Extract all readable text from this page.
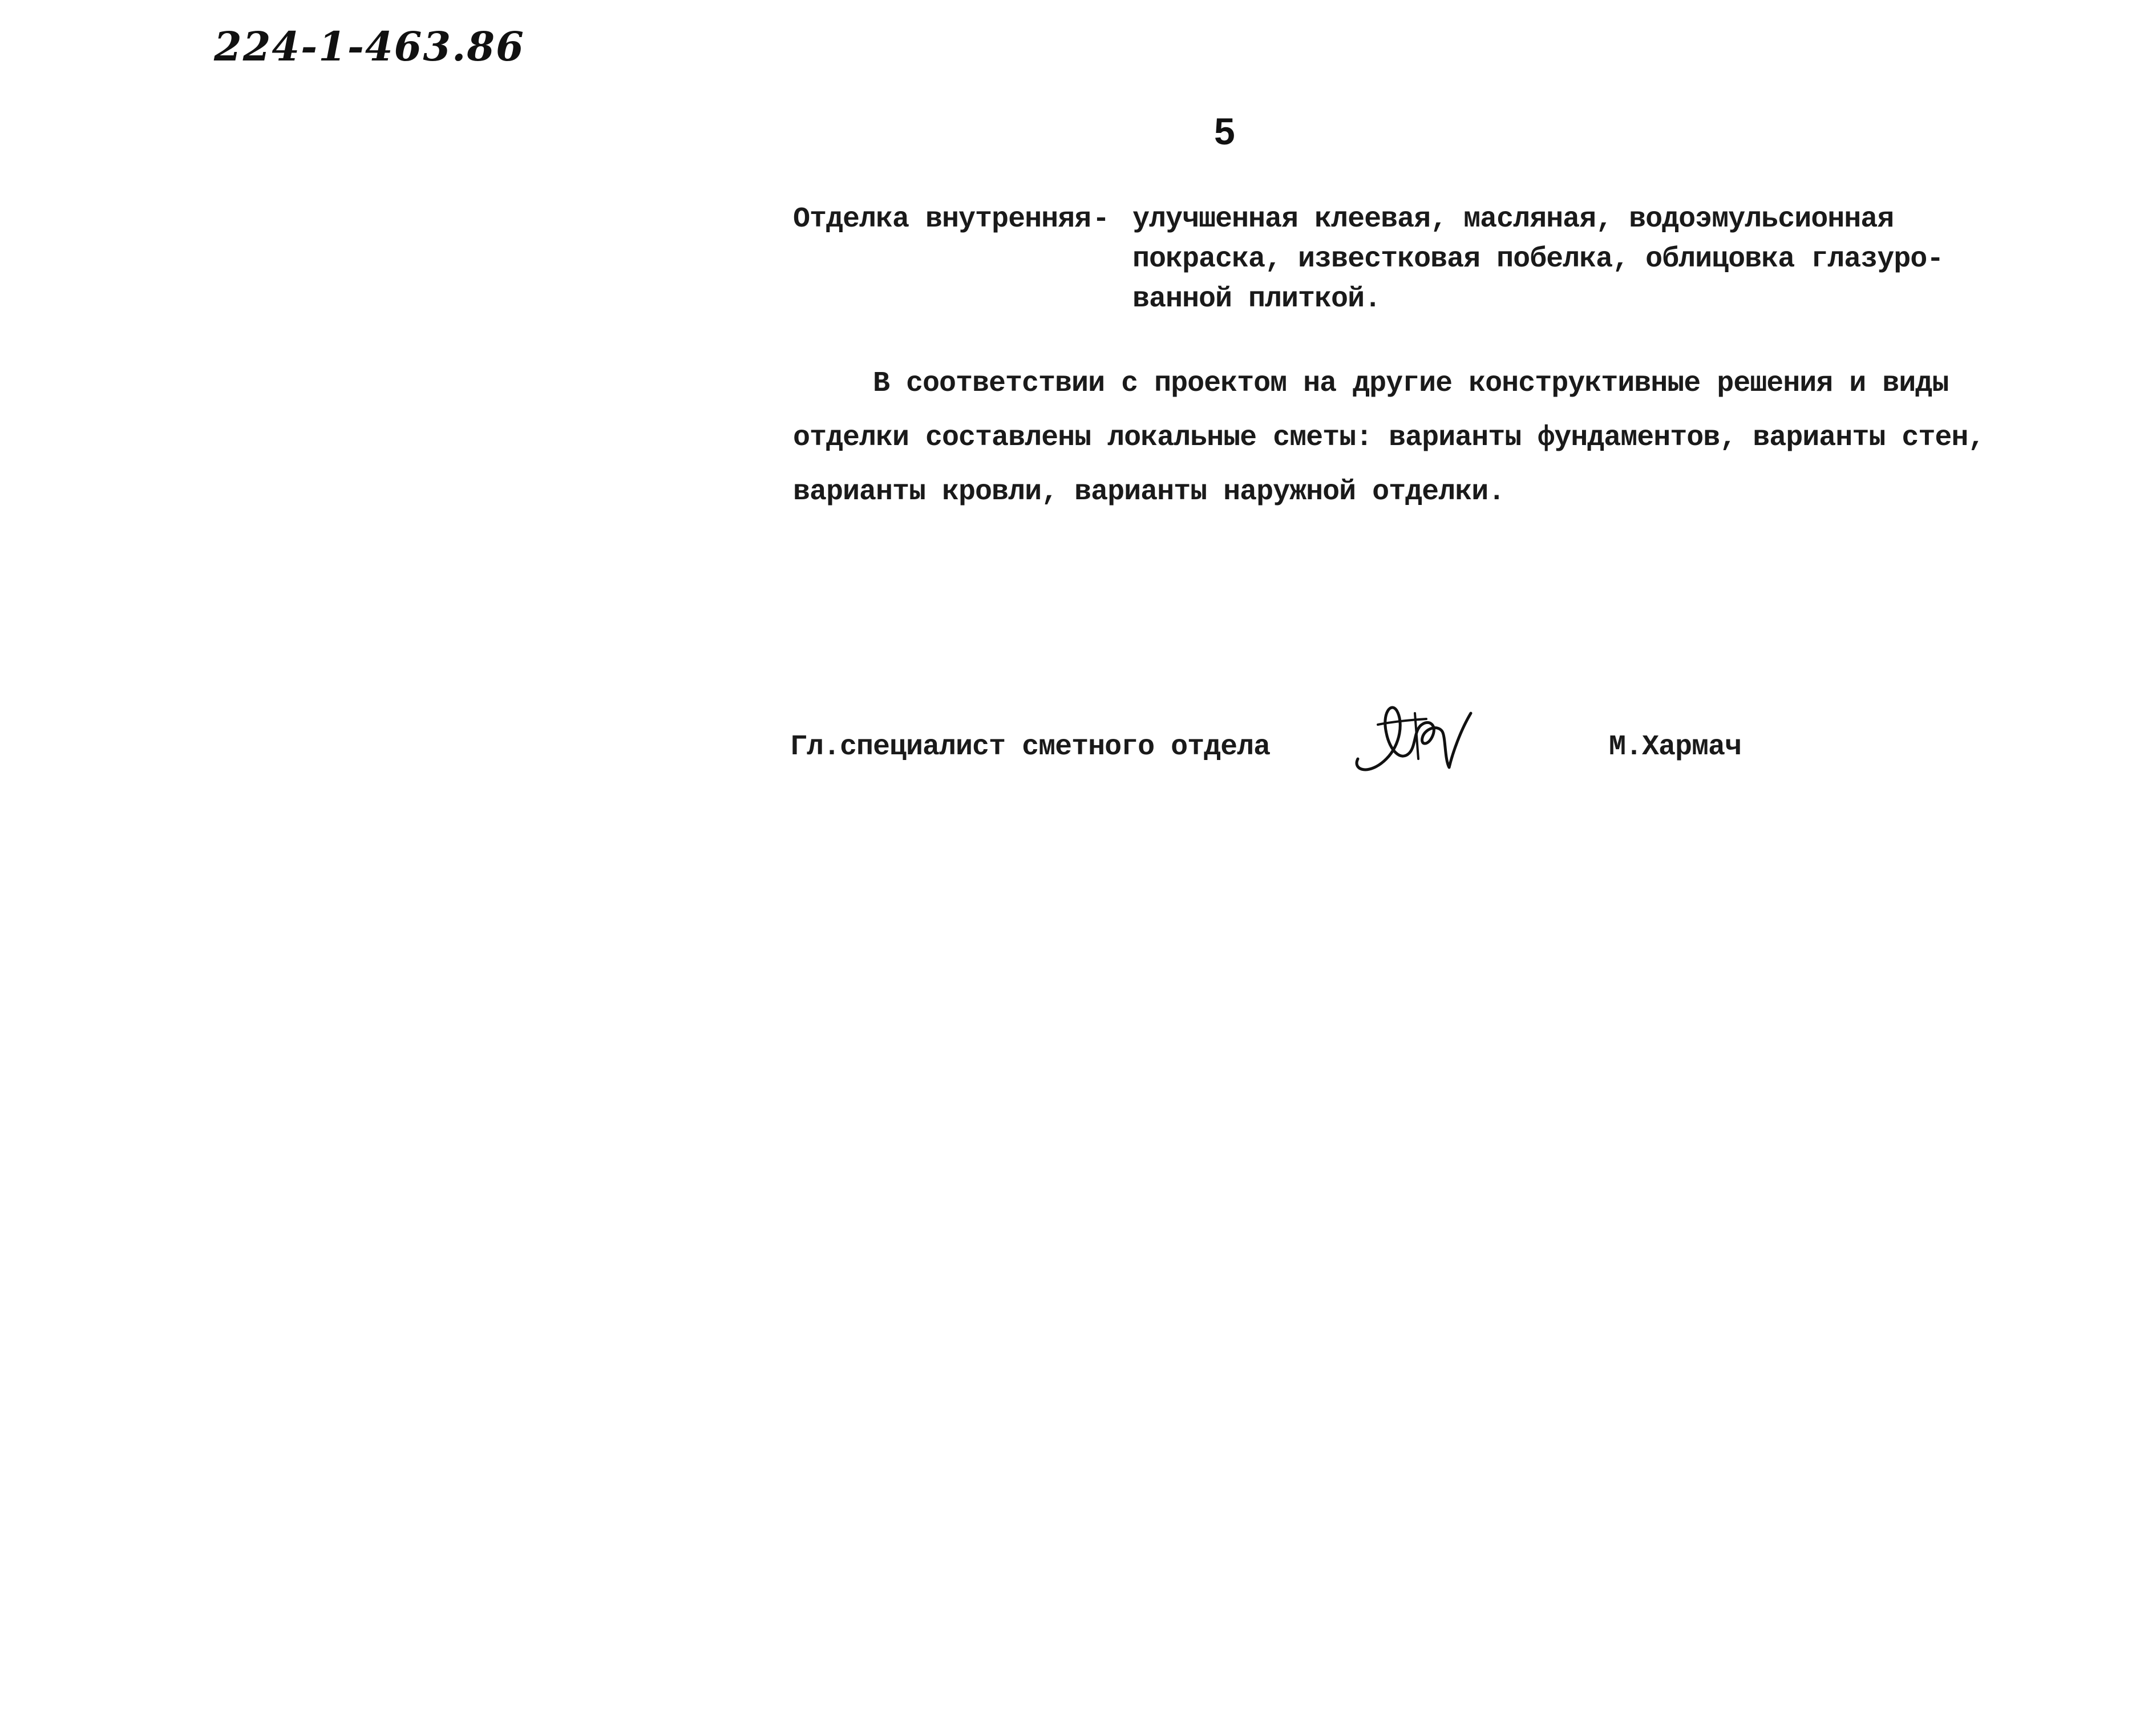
224-1-463.86
5
Отделка внутренняя - улучшенная клеевая, масляная, водоэмульсионная
покраска, известковая побелка, облицовка глазуро-
ванной плиткой.
В соответствии с проектом на другие конструктивные решения и виды
отделки составлены локальные сметы: варианты фундаментов, варианты стен,
варианты кровли, варианты наружной отделки.
Гл.специалист сметного отдела	М.Хармач
